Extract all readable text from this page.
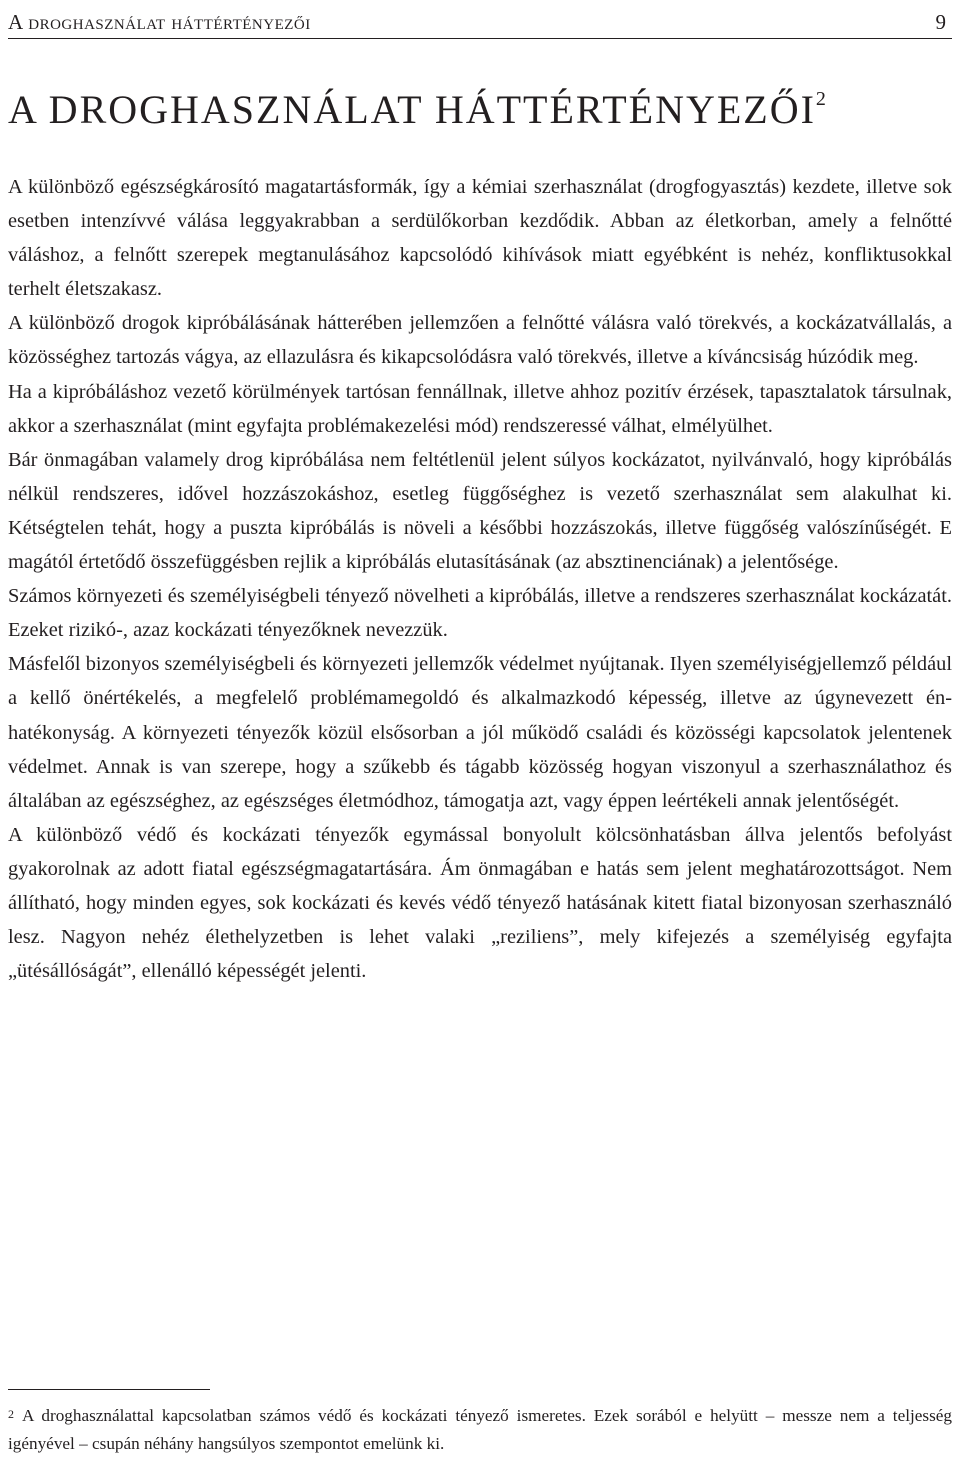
A droghasználat háttértényezői	9
A DROGHASZNÁLAT HÁTTÉRTÉNYEZŐI$^2$

A különböző egészségkárosító magatartásformák, így a kémiai szerhasználat (drogfogyasztás) kezdete, illetve sok esetben intenzívvé válása leggyakrabban a serdülőkorban kezdődik. Abban az életkorban, amely a felnőtté váláshoz, a felnőtt szerepek megtanulásához kapcsolódó kihívások miatt egyébként is nehéz, konfliktusokkal terhelt életszakasz.

A különböző drogok kipróbálásának hátterében jellemzően a felnőtté válásra való törekvés, a kockázatvállalás, a közösséghez tartozás vágya, az ellazulásra és kikapcsolódásra való törekvés, illetve a kíváncsiság húzódik meg.

Ha a kipróbáláshoz vezető körülmények tartósan fennállnak, illetve ahhoz pozitív érzések, tapasztalatok társulnak, akkor a szerhasználat (mint egyfajta problémakezelési mód) rendszeressé válhat, elmélyülhet.

Bár önmagában valamely drog kipróbálása nem feltétlenül jelent súlyos kockázatot, nyilvánvaló, hogy kipróbálás nélkül rendszeres, idővel hozzászokáshoz, esetleg függőséghez is vezető szerhasználat sem alakulhat ki. Kétségtelen tehát, hogy a puszta kipróbálás is növeli a későbbi hozzászokás, illetve függőség valószínűségét. E magától értetődő összefüggésben rejlik a kipróbálás elutasításának (az absztinenciának) a jelentősége.

Számos környezeti és személyiségbeli tényező növelheti a kipróbálás, illetve a rendszeres szerhasználat kockázatát. Ezeket rizikó-, azaz kockázati tényezőknek nevezzük.

Másfelől bizonyos személyiségbeli és környezeti jellemzők védelmet nyújtanak. Ilyen személyiségjellemző például a kellő önértékelés, a megfelelő problémamegoldó és alkalmazkodó képesség, illetve az úgynevezett én-hatékonyság. A környezeti tényezők közül elsősorban a jól működő családi és közösségi kapcsolatok jelentenek védelmet. Annak is van szerepe, hogy a szűkebb és tágabb közösség hogyan viszonyul a szerhasználathoz és általában az egészséghez, az egészséges életmódhoz, támogatja azt, vagy éppen leértékeli annak jelentőségét.

A különböző védő és kockázati tényezők egymással bonyolult kölcsönhatásban állva jelentős befolyást gyakorolnak az adott fiatal egészségmagatartására. Ám önmagában e hatás sem jelent meghatározottságot. Nem állítható, hogy minden egyes, sok kockázati és kevés védő tényező hatásának kitett fiatal bizonyosan szerhasználó lesz. Nagyon nehéz élethelyzetben is lehet valaki „reziliens”, mely kifejezés a személyiség egyfajta „ütésállóságát”, ellenálló képességét jelenti.

$^2$ A droghasználattal kapcsolatban számos védő és kockázati tényező ismeretes. Ezek sorából e helyütt – messze nem a teljesség igényével – csupán néhány hangsúlyos szempontot emelünk ki.
